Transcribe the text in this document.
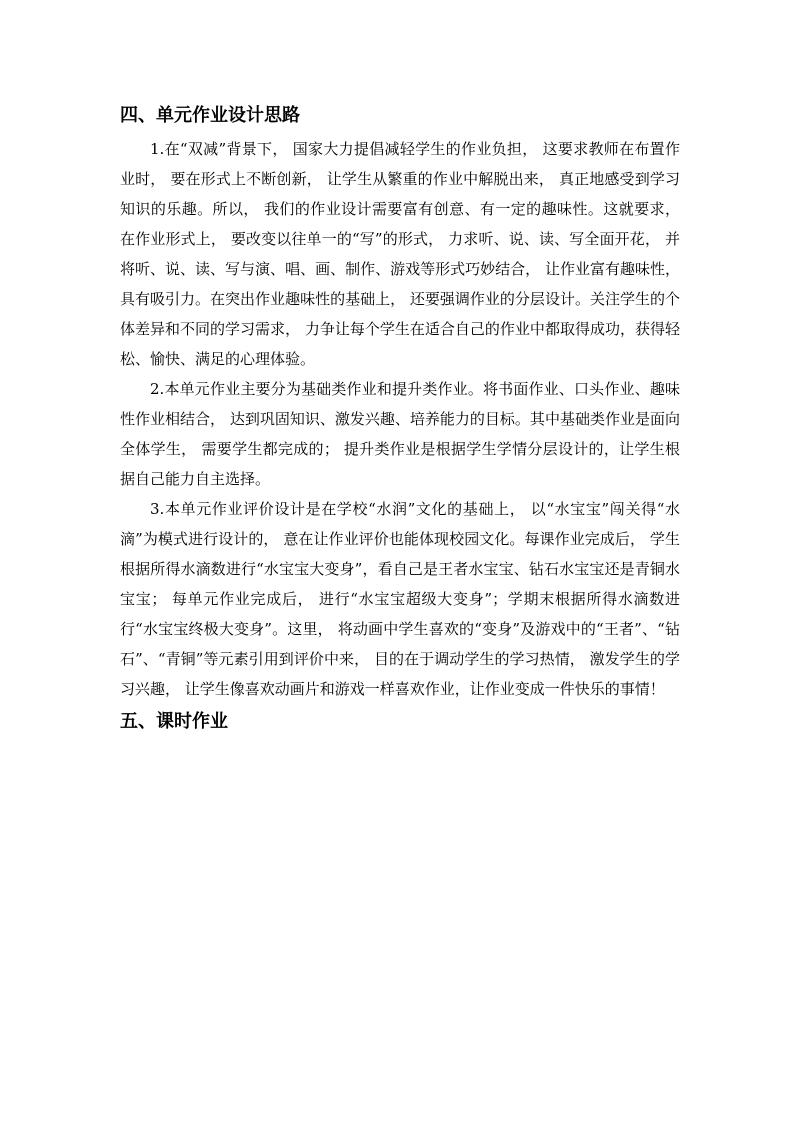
四、单元作业设计思路

1.在“双减”背景下， 国家大力提倡减轻学生的作业负担， 这要求教师在布置作业时， 要在形式上不断创新， 让学生从繁重的作业中解脱出来， 真正地感受到学习知识的乐趣。所以， 我们的作业设计需要富有创意、有一定的趣味性。这就要求， 在作业形式上， 要改变以往单一的“写”的形式， 力求听、说、读、写全面开花， 并将听、说、读、写与演、唱、画、制作、游戏等形式巧妙结合， 让作业富有趣味性， 具有吸引力。在突出作业趣味性的基础上， 还要强调作业的分层设计。关注学生的个体差异和不同的学习需求， 力争让每个学生在适合自己的作业中都取得成功，获得轻松、愉快、满足的心理体验。

2.本单元作业主要分为基础类作业和提升类作业。将书面作业、口头作业、趣味性作业相结合， 达到巩固知识、激发兴趣、培养能力的目标。其中基础类作业是面向全体学生， 需要学生都完成的； 提升类作业是根据学生学情分层设计的，让学生根据自己能力自主选择。

3.本单元作业评价设计是在学校“水润”文化的基础上， 以“水宝宝”闯关得“水滴”为模式进行设计的， 意在让作业评价也能体现校园文化。每课作业完成后， 学生根据所得水滴数进行“水宝宝大变身”，看自己是王者水宝宝、钻石水宝宝还是青铜水宝宝； 每单元作业完成后， 进行“水宝宝超级大变身”；学期末根据所得水滴数进行“水宝宝终极大变身”。这里， 将动画中学生喜欢的“变身”及游戏中的“王者”、“钻石”、“青铜”等元素引用到评价中来， 目的在于调动学生的学习热情， 激发学生的学习兴趣， 让学生像喜欢动画片和游戏一样喜欢作业，让作业变成一件快乐的事情！

五、课时作业
